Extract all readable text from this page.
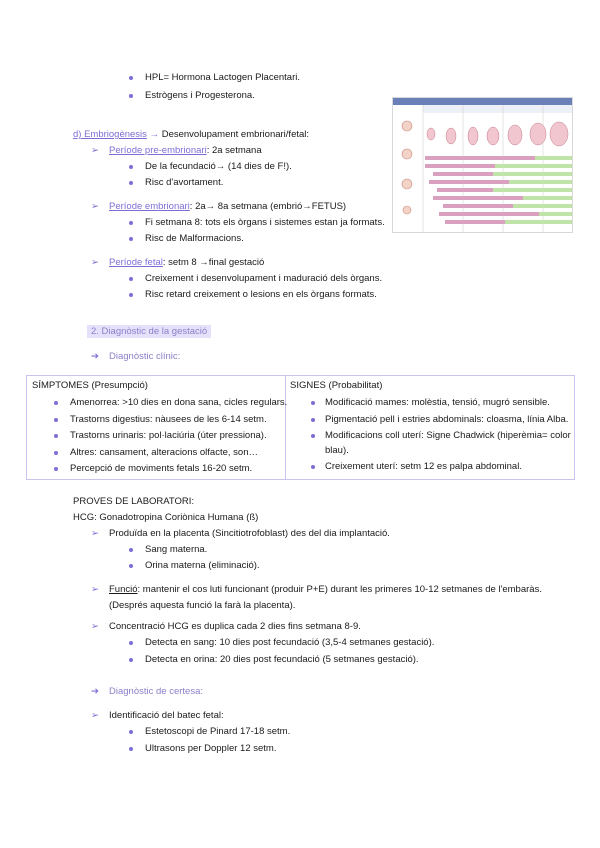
HPL= Hormona Lactogen Placentari.
Estrògens i Progesterona.
d) Embriogènesis → Desenvolupament embrionari/fetal:
➢ Període pre-embrionari: 2a setmana
De la fecundació→ (14 dies de F!).
Risc d'avortament.
➢ Període embrionari: 2a→ 8a setmana (embrió→FETUS)
Fi setmana 8: tots els òrgans i sistemes estan ja formats.
Risc de Malformacions.
➢ Període fetal: setm 8 →final gestació
Creixement i desenvolupament i maduració dels òrgans.
Risc retard creixement o lesions en els òrgans formats.
2. Diagnòstic de la gestació
➔ Diagnòstic clínic:
SÍMPTOMES (Presumpció)	SIGNES (Probabilitat)
Amenorrea: >10 dies en dona sana, cicles regulars.
Trastorns digestius: nàusees de les 6-14 setm.
Trastorns urinaris: pol·laciúria (úter pressiona).
Altres: cansament, alteracions olfacte, son…
Percepció de moviments fetals 16-20 setm.
Modificació mames: molèstia, tensió, mugró sensible.
Pigmentació pell i estries abdominals: cloasma, línia Alba.
Modificacions coll uterí: Signe Chadwick (hiperèmia= color
blau).
Creixement uterí: setm 12 es palpa abdominal.
PROVES DE LABORATORI:
HCG: Gonadotropina Coriònica Humana (ß)
➢ Produïda en la placenta (Sincitiotrofoblast) des del dia implantació.
Sang materna.
Orina materna (eliminació).
➢ Funció: mantenir el cos luti funcionant (produir P+E) durant les primeres 10-12 setmanes de l'embaràs.
(Després aquesta funció la farà la placenta).
➢ Concentració HCG es duplica cada 2 dies fins setmana 8-9.
Detecta en sang: 10 dies post fecundació (3,5-4 setmanes gestació).
Detecta en orina: 20 dies post fecundació (5 setmanes gestació).
➔ Diagnòstic de certesa:
➢ Identificació del batec fetal:
Estetoscopi de Pinard 17-18 setm.
Ultrasons per Doppler 12 setm.
